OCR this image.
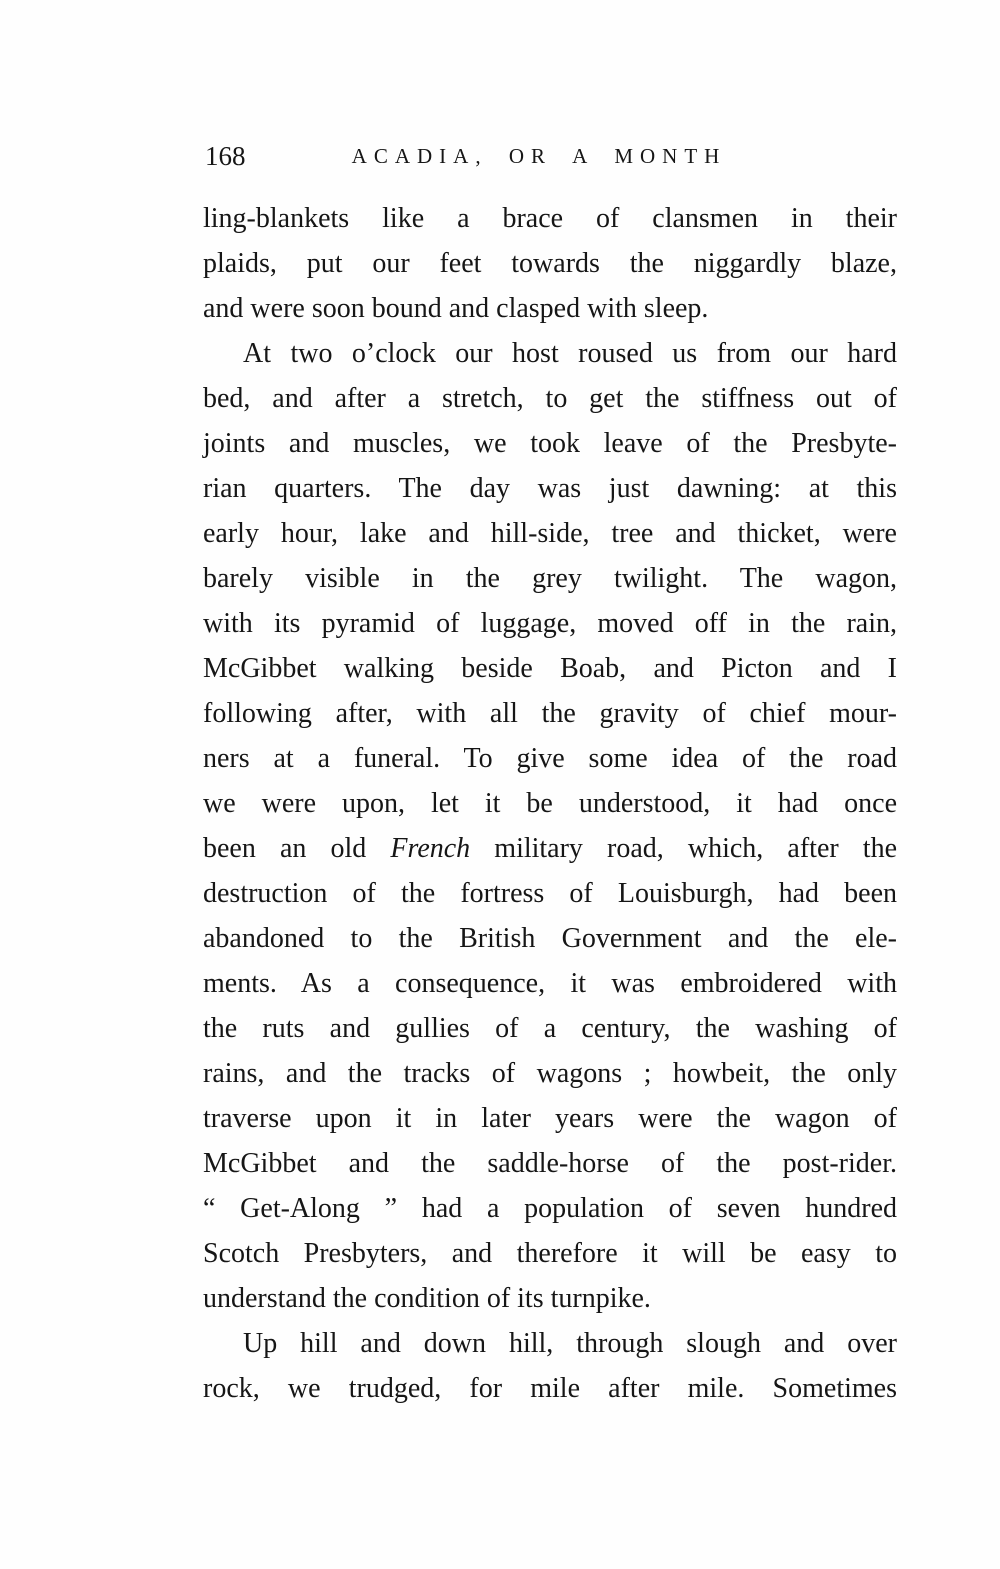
168	ACADIA, OR A MONTH
ling-blankets like a brace of clansmen in their
plaids, put our feet towards the niggardly blaze,
and were soon bound and clasped with sleep.
At two o’clock our host roused us from our hard
bed, and after a stretch, to get the stiffness out of
joints and muscles, we took leave of the Presbyte-
rian quarters. The day was just dawning: at this
early hour, lake and hill-side, tree and thicket, were
barely visible in the grey twilight. The wagon,
with its pyramid of luggage, moved off in the rain,
McGibbet walking beside Boab, and Picton and I
following after, with all the gravity of chief mour-
ners at a funeral. To give some idea of the road
we were upon, let it be understood, it had once
been an old French military road, which, after the
destruction of the fortress of Louisburgh, had been
abandoned to the British Government and the ele-
ments. As a consequence, it was embroidered with
the ruts and gullies of a century, the washing of
rains, and the tracks of wagons ; howbeit, the only
traverse upon it in later years were the wagon of
McGibbet and the saddle-horse of the post-rider.
“ Get-Along ” had a population of seven hundred
Scotch Presbyters, and therefore it will be easy to
understand the condition of its turnpike.
Up hill and down hill, through slough and over
rock, we trudged, for mile after mile. Sometimes
